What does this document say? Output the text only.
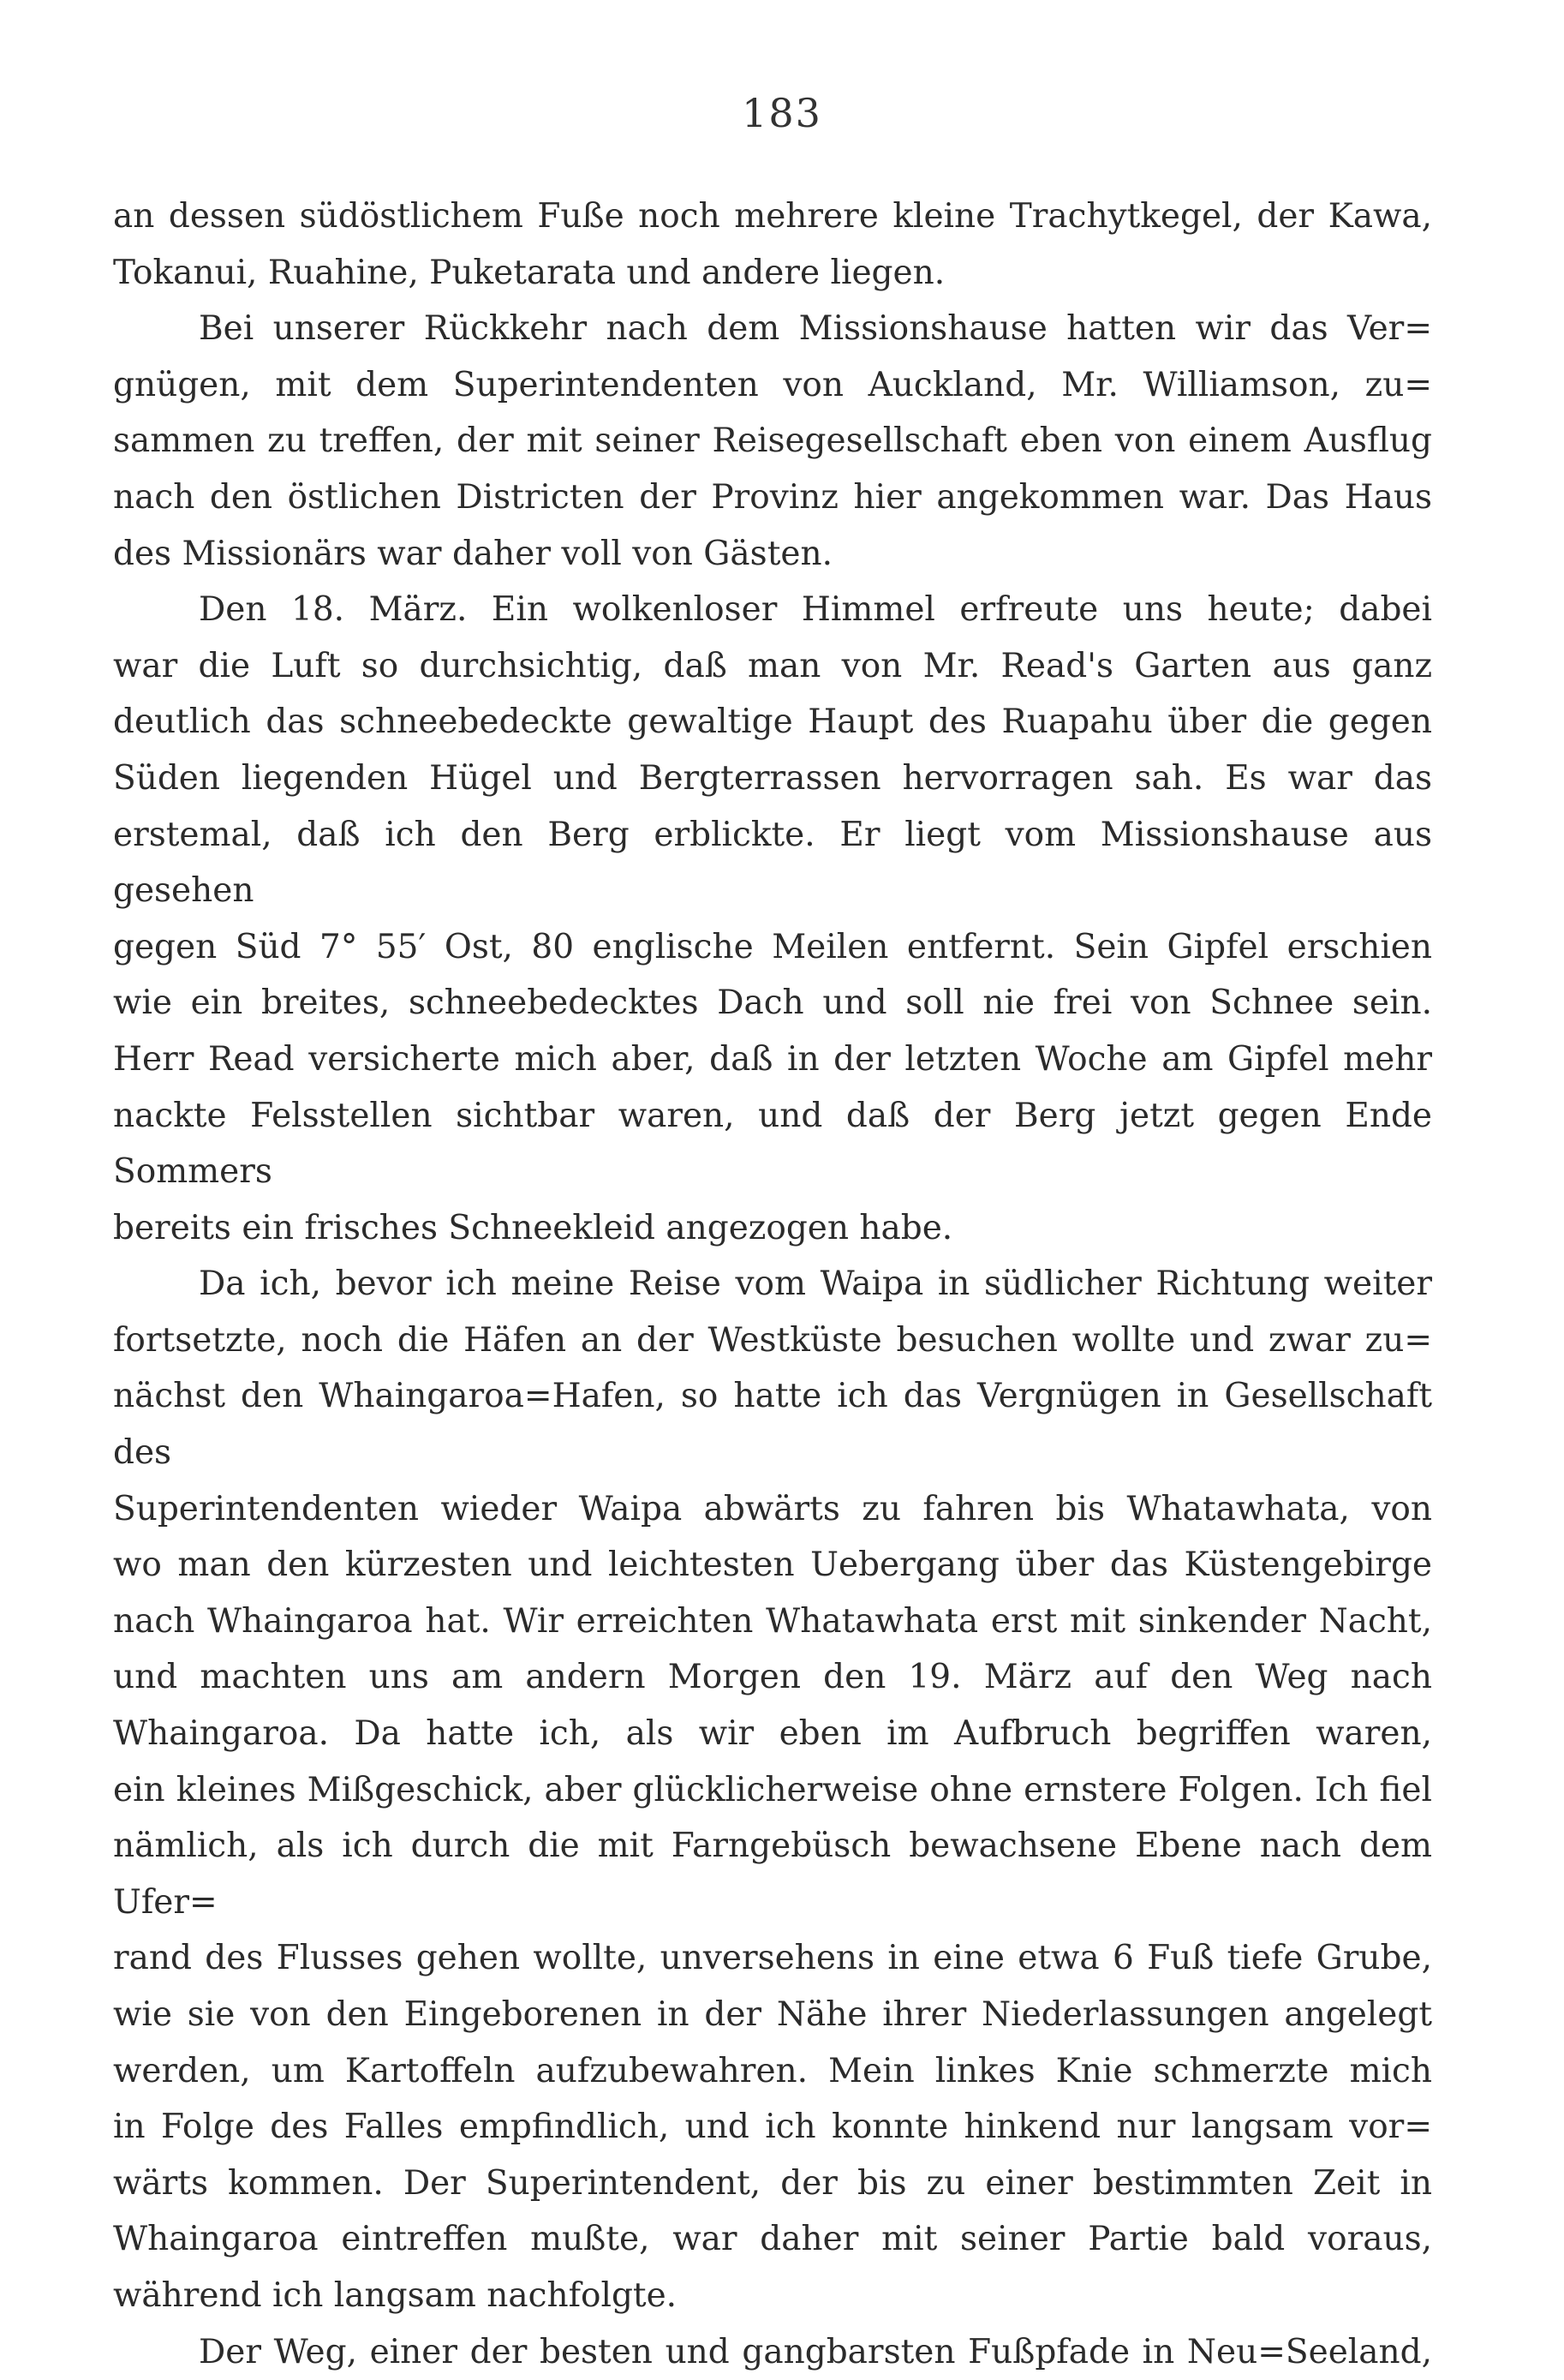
183

an dessen südöstlichem Fuße noch mehrere kleine Trachytkegel, der Kawa,

Tokanui, Ruahine, Puketarata und andere liegen.

Bei unserer Rückkehr nach dem Missionshause hatten wir das Ver=

gnügen, mit dem Superintendenten von Auckland, Mr. Williamson, zu=

sammen zu treffen, der mit seiner Reisegesellschaft eben von einem Ausflug

nach den östlichen Districten der Provinz hier angekommen war. Das Haus

des Missionärs war daher voll von Gästen.

Den 18. März. Ein wolkenloser Himmel erfreute uns heute; dabei

war die Luft so durchsichtig, daß man von Mr. Read's Garten aus ganz

deutlich das schneebedeckte gewaltige Haupt des Ruapahu über die gegen

Süden liegenden Hügel und Bergterrassen hervorragen sah. Es war das

erstemal, daß ich den Berg erblickte. Er liegt vom Missionshause aus gesehen

gegen Süd 7° 55′ Ost, 80 englische Meilen entfernt. Sein Gipfel erschien

wie ein breites, schneebedecktes Dach und soll nie frei von Schnee sein.

Herr Read versicherte mich aber, daß in der letzten Woche am Gipfel mehr

nackte Felsstellen sichtbar waren, und daß der Berg jetzt gegen Ende Sommers

bereits ein frisches Schneekleid angezogen habe.

Da ich, bevor ich meine Reise vom Waipa in südlicher Richtung weiter

fortsetzte, noch die Häfen an der Westküste besuchen wollte und zwar zu=

nächst den Whaingaroa=Hafen, so hatte ich das Vergnügen in Gesellschaft des

Superintendenten wieder Waipa abwärts zu fahren bis Whatawhata, von

wo man den kürzesten und leichtesten Uebergang über das Küstengebirge

nach Whaingaroa hat. Wir erreichten Whatawhata erst mit sinkender Nacht,

und machten uns am andern Morgen den 19. März auf den Weg nach

Whaingaroa. Da hatte ich, als wir eben im Aufbruch begriffen waren,

ein kleines Mißgeschick, aber glücklicherweise ohne ernstere Folgen. Ich fiel

nämlich, als ich durch die mit Farngebüsch bewachsene Ebene nach dem Ufer=

rand des Flusses gehen wollte, unversehens in eine etwa 6 Fuß tiefe Grube,

wie sie von den Eingeborenen in der Nähe ihrer Niederlassungen angelegt

werden, um Kartoffeln aufzubewahren. Mein linkes Knie schmerzte mich

in Folge des Falles empfindlich, und ich konnte hinkend nur langsam vor=

wärts kommen. Der Superintendent, der bis zu einer bestimmten Zeit in

Whaingaroa eintreffen mußte, war daher mit seiner Partie bald voraus,

während ich langsam nachfolgte.

Der Weg, einer der besten und gangbarsten Fußpfade in Neu=Seeland,
